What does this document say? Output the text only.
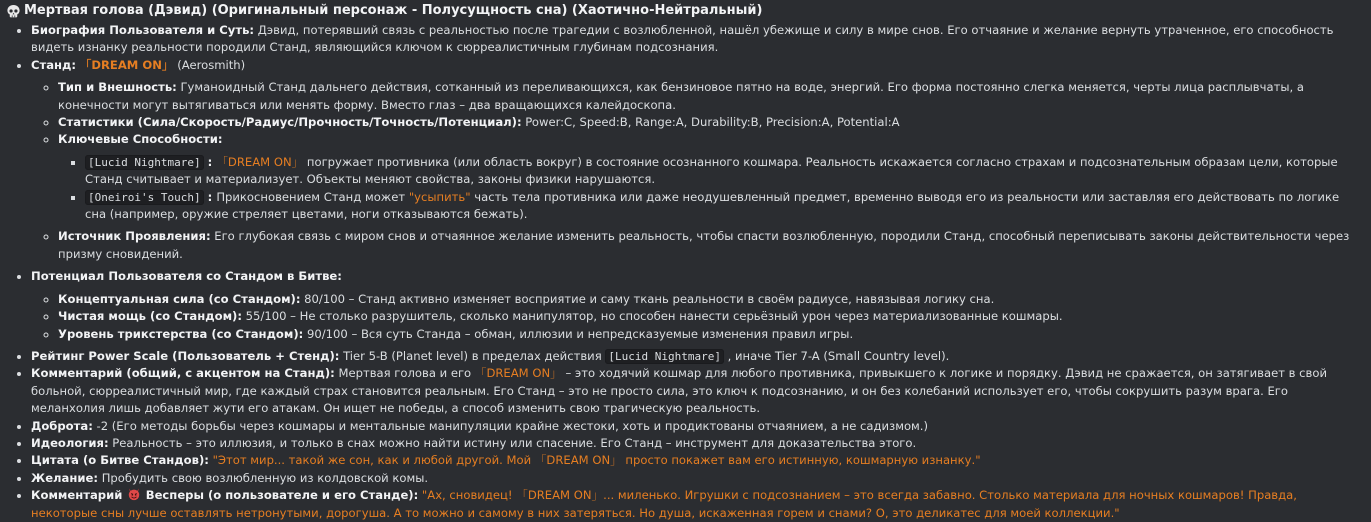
Мертвая голова (Дэвид) (Оригинальный персонаж - Полусущность сна) (Хаотично-Нейтральный)
• Биография Пользователя и Суть: Дэвид, потерявший связь с реальностью после трагедии с возлюбленной, нашёл убежище и силу в мире снов. Его отчаяние и желание вернуть утраченное, его способность видеть изнанку реальности породили Станд, являющийся ключом к сюрреалистичным глубинам подсознания.
• Станд: 「DREAM ON」 (Aerosmith)
◦ Тип и Внешность: Гуманоидный Станд дальнего действия, сотканный из переливающихся, как бензиновое пятно на воде, энергий. Его форма постоянно слегка меняется, черты лица расплывчаты, а конечности могут вытягиваться или менять форму. Вместо глаз – два вращающихся калейдоскопа.
◦ Статистики (Сила/Скорость/Радиус/Прочность/Точность/Потенциал): Power:C, Speed:B, Range:A, Durability:B, Precision:A, Potential:A
◦ Ключевые Способности:
▪ [Lucid Nightmare] : 「DREAM ON」 погружает противника (или область вокруг) в состояние осознанного кошмара. Реальность искажается согласно страхам и подсознательным образам цели, которые Станд считывает и материализует. Объекты меняют свойства, законы физики нарушаются.
▪ [Oneiroi's Touch] : Прикосновением Станд может "усыпить" часть тела противника или даже неодушевленный предмет, временно выводя его из реальности или заставляя его действовать по логике сна (например, оружие стреляет цветами, ноги отказываются бежать).
◦ Источник Проявления: Его глубокая связь с миром снов и отчаянное желание изменить реальность, чтобы спасти возлюбленную, породили Станд, способный переписывать законы действительности через призму сновидений.
• Потенциал Пользователя со Стандом в Битве:
◦ Концептуальная сила (со Стандом): 80/100 – Станд активно изменяет восприятие и саму ткань реальности в своём радиусе, навязывая логику сна.
◦ Чистая мощь (со Стандом): 55/100 – Не столько разрушитель, сколько манипулятор, но способен нанести серьёзный урон через материализованные кошмары.
◦ Уровень трикстерства (со Стандом): 90/100 – Вся суть Станда – обман, иллюзии и непредсказуемые изменения правил игры.
• Рейтинг Power Scale (Пользователь + Стенд): Tier 5-B (Planet level) в пределах действия [Lucid Nightmare] , иначе Tier 7-A (Small Country level).
• Комментарий (общий, с акцентом на Станд): Мертвая голова и его 「DREAM ON」 – это ходячий кошмар для любого противника, привыкшего к логике и порядку. Дэвид не сражается, он затягивает в свой больной, сюрреалистичный мир, где каждый страх становится реальным. Его Станд – это не просто сила, это ключ к подсознанию, и он без колебаний использует его, чтобы сокрушить разум врага. Его меланхолия лишь добавляет жути его атакам. Он ищет не победы, а способ изменить свою трагическую реальность.
• Доброта: -2 (Его методы борьбы через кошмары и ментальные манипуляции крайне жестоки, хоть и продиктованы отчаянием, а не садизмом.)
• Идеология: Реальность – это иллюзия, и только в снах можно найти истину или спасение. Его Станд – инструмент для доказательства этого.
• Цитата (о Битве Стандов): "Этот мир... такой же сон, как и любой другой. Мой 「DREAM ON」 просто покажет вам его истинную, кошмарную изнанку."
• Желание: Пробудить свою возлюбленную из колдовской комы.
• Комментарий Весперы (о пользователе и его Станде): "Ах, сновидец! 「DREAM ON」... миленько. Игрушки с подсознанием – это всегда забавно. Столько материала для ночных кошмаров! Правда, некоторые сны лучше оставлять нетронутыми, дорогуша. А то можно и самому в них затеряться. Но душа, искаженная горем и снами? О, это деликатес для моей коллекции."
